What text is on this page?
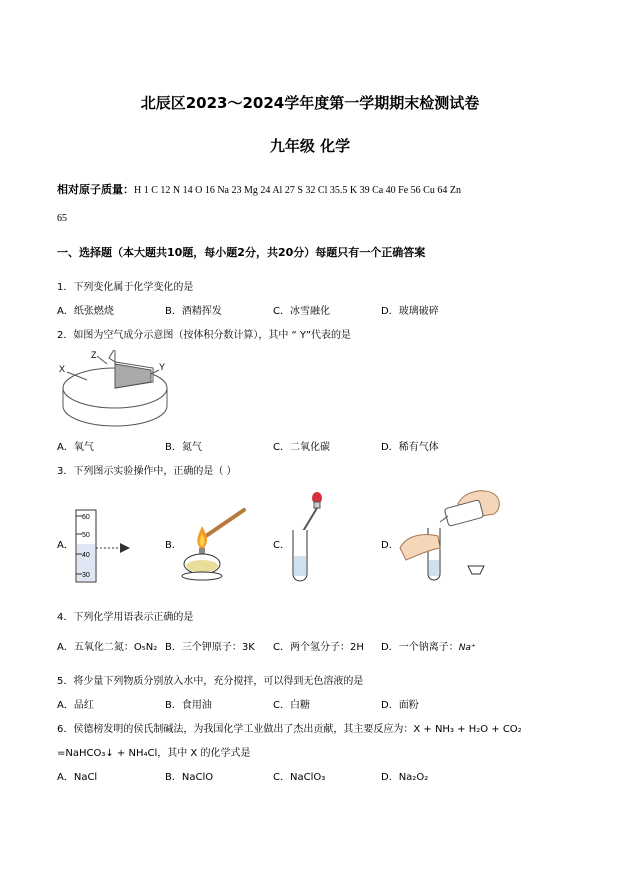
北辰区2023～2024学年度第一学期期末检测试卷
九年级 化学
相对原子质量：H 1 C 12 N 14 O 16 Na 23 Mg 24 Al 27 S 32 Cl 35.5 K 39 Ca 40 Fe 56 Cu 64 Zn
65
一、选择题（本大题共10题，每小题2分，共20分）每题只有一个正确答案
1．下列变化属于化学变化的是
A．纸张燃烧	B．酒精挥发	C．冰雪融化	D．玻璃破碎
2．如图为空气成分示意图（按体积分数计算），其中 “ Y”代表的是
X
Z
Y
A．氧气	B．氮气	C．二氧化碳	D．稀有气体
3．下列图示实验操作中，正确的是（ ）
A．	B．	C．	D．
60
50
40
30
4．下列化学用语表示正确的是
A．五氧化二氮：O₅N₂ B．三个钾原子：3K C．两个氢分子：2H D．一个钠离子：Na⁺
5．将少量下列物质分别放入水中，充分搅拌，可以得到无色溶液的是
A．品红	B．食用油	C．白糖	D．面粉
6．侯德榜发明的侯氏制碱法，为我国化学工业做出了杰出贡献，其主要反应为：X + NH₃ + H₂O + CO₂
=NaHCO₃↓ + NH₄Cl，其中 X 的化学式是
A．NaCl	B．NaClO	C．NaClO₃	D．Na₂O₂
